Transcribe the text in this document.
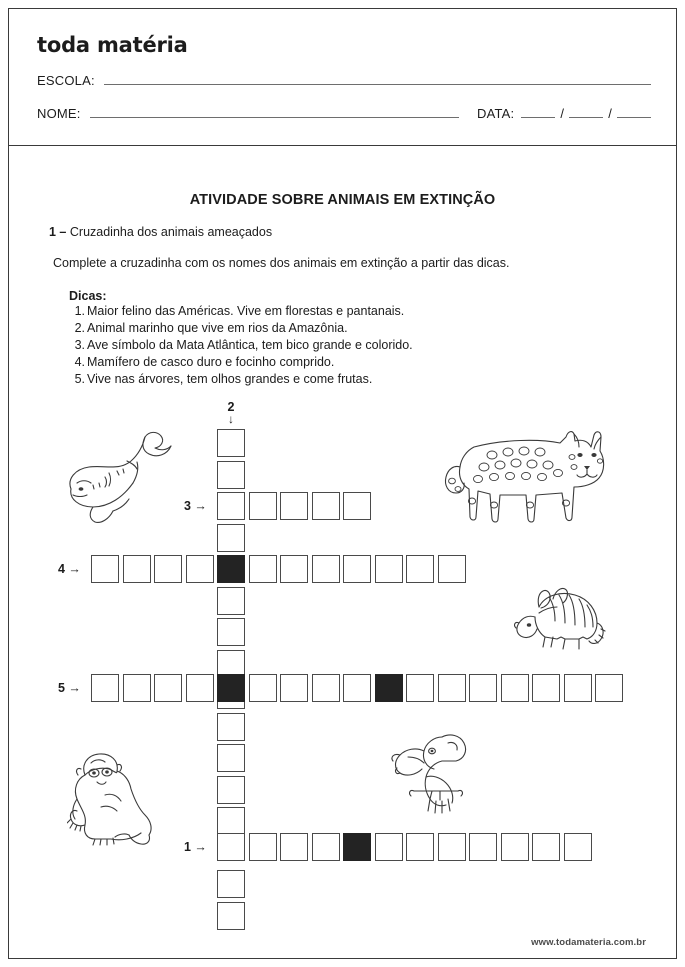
toda matéria
ESCOLA:
NOME:	DATA:	/	/
ATIVIDADE SOBRE ANIMAIS EM EXTINÇÃO
1 – Cruzadinha dos animais ameaçados
Complete a cruzadinha com os nomes dos animais em extinção a partir das dicas.
Dicas:
1. Maior felino das Américas. Vive em florestas e pantanais.
2. Animal marinho que vive em rios da Amazônia.
3. Ave símbolo da Mata Atlântica, tem bico grande e colorido.
4. Mamífero de casco duro e focinho comprido.
5. Vive nas árvores, tem olhos grandes e come frutas.
3 →
4 →
5 →
1 →
2
↓
www.todamateria.com.br
